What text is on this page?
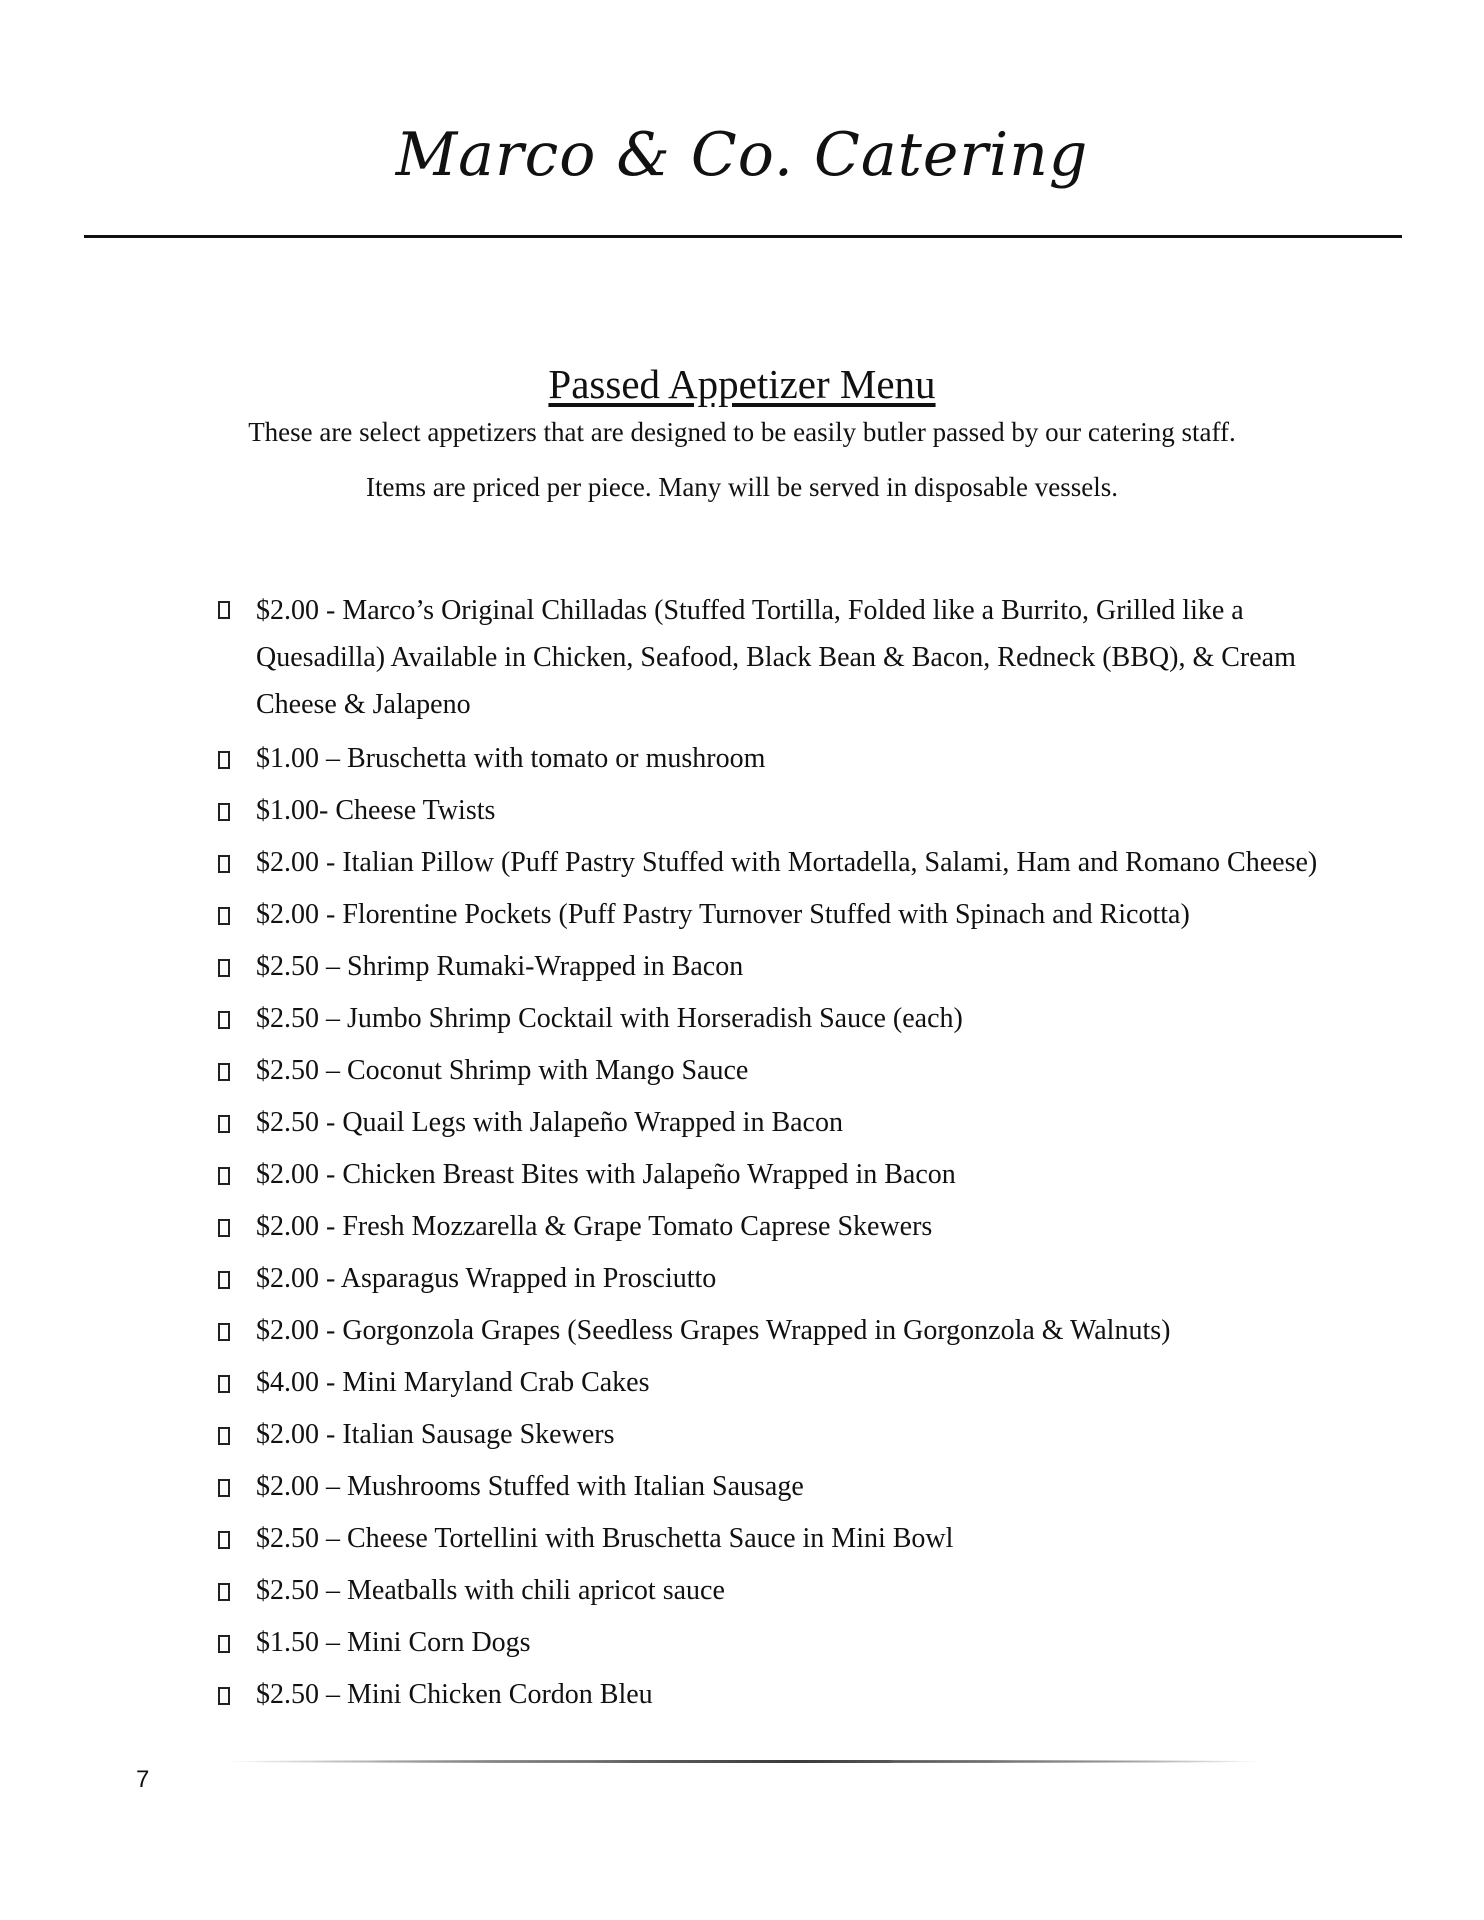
Marco & Co. Catering
Passed Appetizer Menu

These are select appetizers that are designed to be easily butler passed by our catering staff.

Items are priced per piece. Many will be served in disposable vessels.

$2.00 - Marco’s Original Chilladas (Stuffed Tortilla, Folded like a Burrito, Grilled like a Quesadilla) Available in Chicken, Seafood, Black Bean & Bacon, Redneck (BBQ), & Cream Cheese & Jalapeno
$1.00 – Bruschetta with tomato or mushroom
$1.00- Cheese Twists
$2.00 - Italian Pillow (Puff Pastry Stuffed with Mortadella, Salami, Ham and Romano Cheese)
$2.00 - Florentine Pockets (Puff Pastry Turnover Stuffed with Spinach and Ricotta)
$2.50 – Shrimp Rumaki-Wrapped in Bacon
$2.50 – Jumbo Shrimp Cocktail with Horseradish Sauce (each)
$2.50 – Coconut Shrimp with Mango Sauce
$2.50 - Quail Legs with Jalapeño Wrapped in Bacon
$2.00 - Chicken Breast Bites with Jalapeño Wrapped in Bacon
$2.00 - Fresh Mozzarella & Grape Tomato Caprese Skewers
$2.00 - Asparagus Wrapped in Prosciutto
$2.00 - Gorgonzola Grapes (Seedless Grapes Wrapped in Gorgonzola & Walnuts)
$4.00 - Mini Maryland Crab Cakes
$2.00 - Italian Sausage Skewers
$2.00 – Mushrooms Stuffed with Italian Sausage
$2.50 – Cheese Tortellini with Bruschetta Sauce in Mini Bowl
$2.50 – Meatballs with chili apricot sauce
$1.50 – Mini Corn Dogs
$2.50 – Mini Chicken Cordon Bleu

7
